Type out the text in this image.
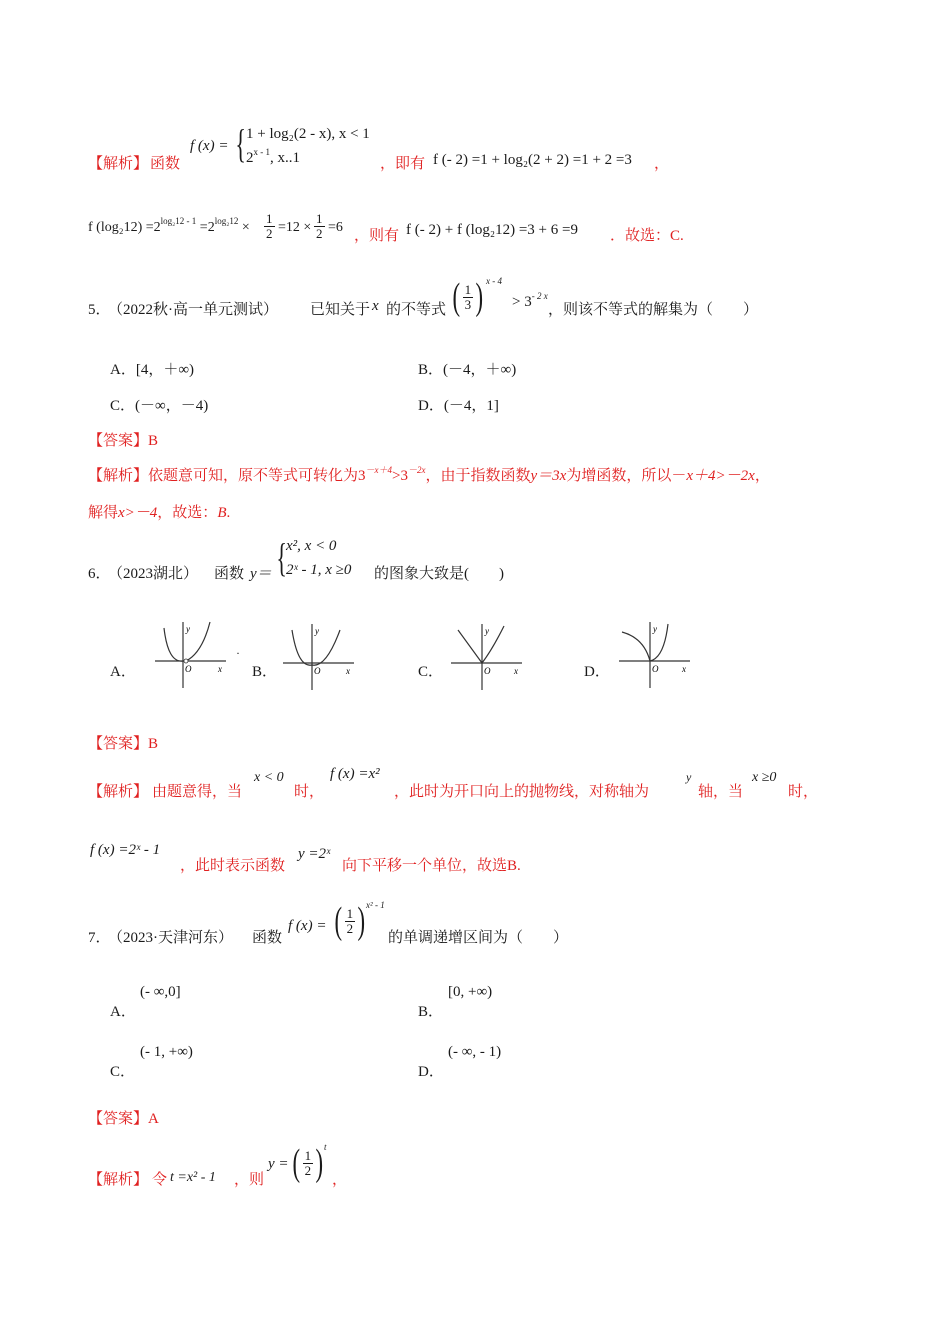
【解析】 函数
f (x) = { 1 + log₂(2 - x), x < 1
2$^{x - 1}$, x..1	，即有 f (- 2) =1 + log₂(2 + 2) =1 + 2 =3 ，
f $(\log_212) =2^{log_212 - 1} =2^{log_212} \times \frac{1}{2} =12 \times \frac{1}{2} =6$
，则有 f (- 2) + f (log₂12) =3 + 6 =9 ．故选：C.
5．
（2022秋·高一单元测试） 已知关于 x 的不等式 ( $\frac{1}{3}$ ) x - 4
> $3^{- 2 x}$
，则该不等式的解集为（　　）
A．[4，＋∞)	B．(－4，＋∞)
C．(－∞，－4)	D．(－4，1]
【答案】B
【解析】依题意可知，原不等式可转化为$3^{-x+4}>3^{-2x}$，由于指数函数y＝3x为增函数，所以－x＋4>－2x，
解得x>－4，故选：B.
6．
（2023湖北） 函数 y＝ { x², x < 0
2ˣ - 1, x ≥0 的图象大致是(　　)
A．
y
x
O
·
B．
y
x
O	C．
y
x
O	D．
y
x
O
【答案】B
【解析】 由题意得，当
x < 0
时，
f (x) =x²
，此时为开口向上的抛物线，对称轴为
y
轴，当
x ≥0
时，
f (x) =2ˣ - 1
，此时表示函数
y =2ˣ
向下平移一个单位，故选B.
7．
（2023·天津河东） 函数
f (x) = ( $\frac{1}{2}$ ) x² - 1
的单调递增区间为（　　）
A．
(- ∞,0]
B．
[0, +∞)
C．
(- 1, +∞)
D．
(- ∞, - 1)
【答案】A
【解析】 令 t =x² - 1 ，则
y = ( $\frac{1}{2}$ ) t
，
